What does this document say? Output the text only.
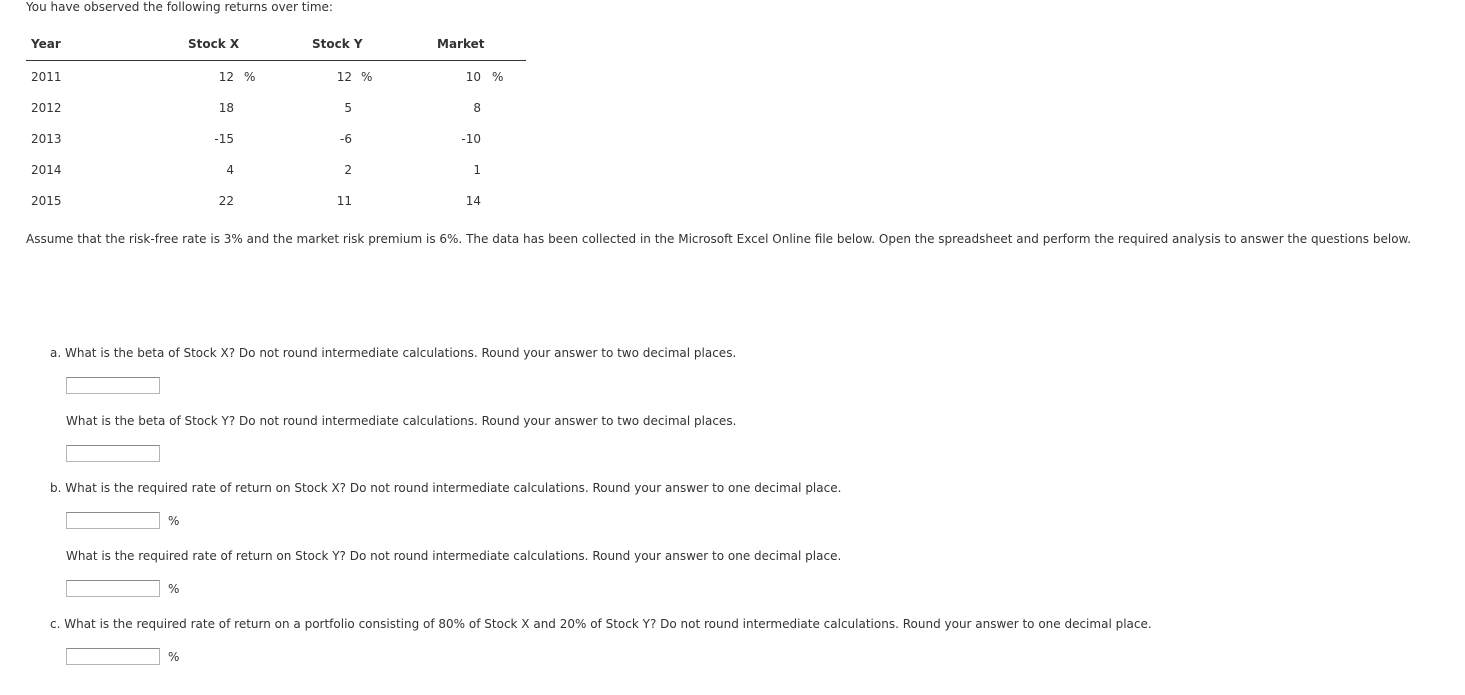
You have observed the following returns over time:
Year	Stock X	Stock Y	Market
2011	12 %	12 %	10 %
2012	18	5	8
2013	-15	-6	-10
2014	4	2	1
2015	22	11	14
Assume that the risk-free rate is 3% and the market risk premium is 6%. The data has been collected in the Microsoft Excel Online file below. Open the spreadsheet and perform the required analysis to answer the questions below.
a. What is the beta of Stock X? Do not round intermediate calculations. Round your answer to two decimal places.
What is the beta of Stock Y? Do not round intermediate calculations. Round your answer to two decimal places.
b. What is the required rate of return on Stock X? Do not round intermediate calculations. Round your answer to one decimal place.
%
What is the required rate of return on Stock Y? Do not round intermediate calculations. Round your answer to one decimal place.
%
c. What is the required rate of return on a portfolio consisting of 80% of Stock X and 20% of Stock Y? Do not round intermediate calculations. Round your answer to one decimal place.
%
